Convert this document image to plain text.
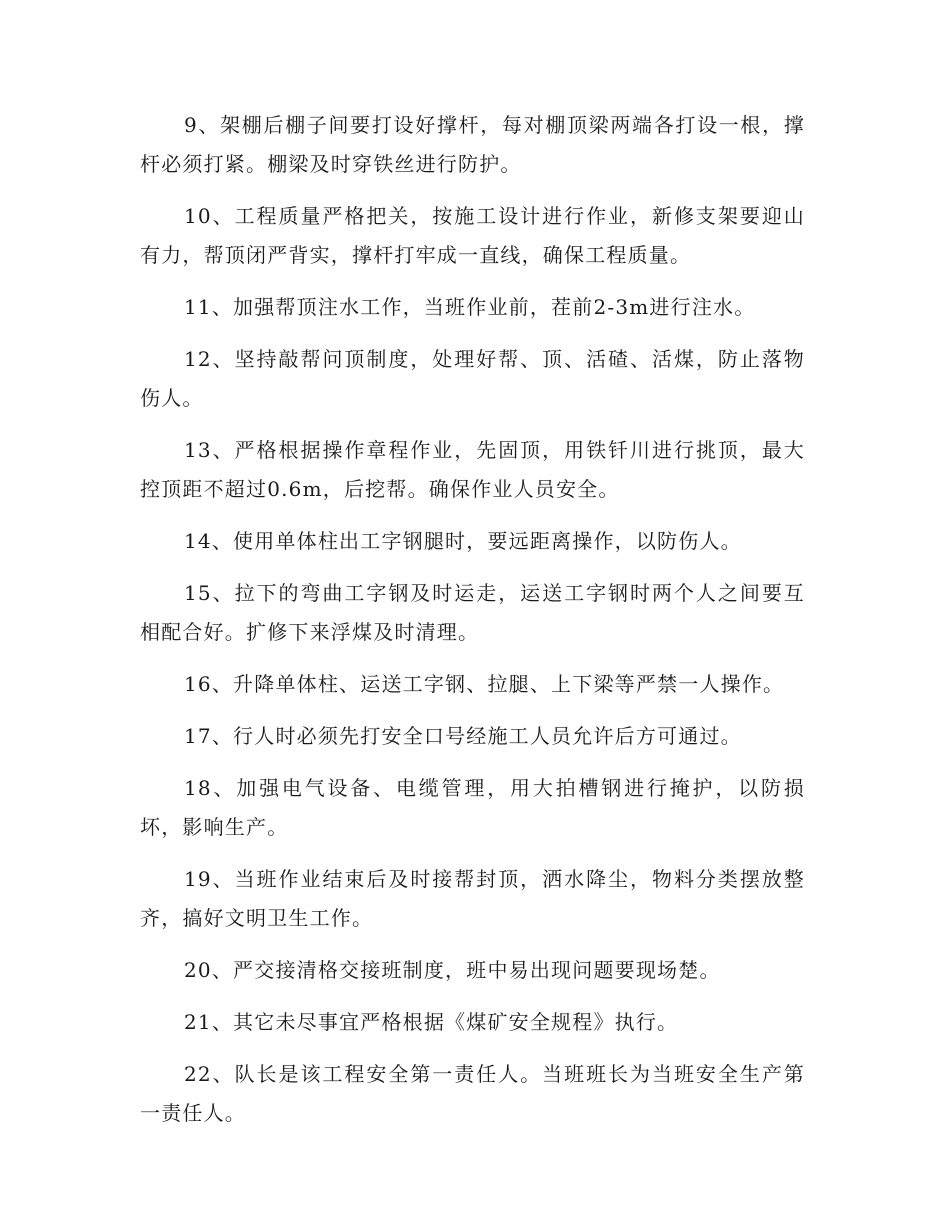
9、架棚后棚子间要打设好撑杆，每对棚顶梁两端各打设一根，撑杆必须打紧。棚梁及时穿铁丝进行防护。

10、工程质量严格把关，按施工设计进行作业，新修支架要迎山有力，帮顶闭严背实，撑杆打牢成一直线，确保工程质量。

11、加强帮顶注水工作，当班作业前，茬前2-3m进行注水。

12、坚持敲帮问顶制度，处理好帮、顶、活碴、活煤，防止落物伤人。

13、严格根据操作章程作业，先固顶，用铁钎川进行挑顶，最大控顶距不超过0.6m，后挖帮。确保作业人员安全。

14、使用单体柱出工字钢腿时，要远距离操作，以防伤人。

15、拉下的弯曲工字钢及时运走，运送工字钢时两个人之间要互相配合好。扩修下来浮煤及时清理。

16、升降单体柱、运送工字钢、拉腿、上下梁等严禁一人操作。

17、行人时必须先打安全口号经施工人员允许后方可通过。

18、加强电气设备、电缆管理，用大拍槽钢进行掩护，以防损坏，影响生产。

19、当班作业结束后及时接帮封顶，洒水降尘，物料分类摆放整齐，搞好文明卫生工作。

20、严交接清格交接班制度，班中易出现问题要现场楚。

21、其它未尽事宜严格根据《煤矿安全规程》执行。

22、队长是该工程安全第一责任人。当班班长为当班安全生产第一责任人。
